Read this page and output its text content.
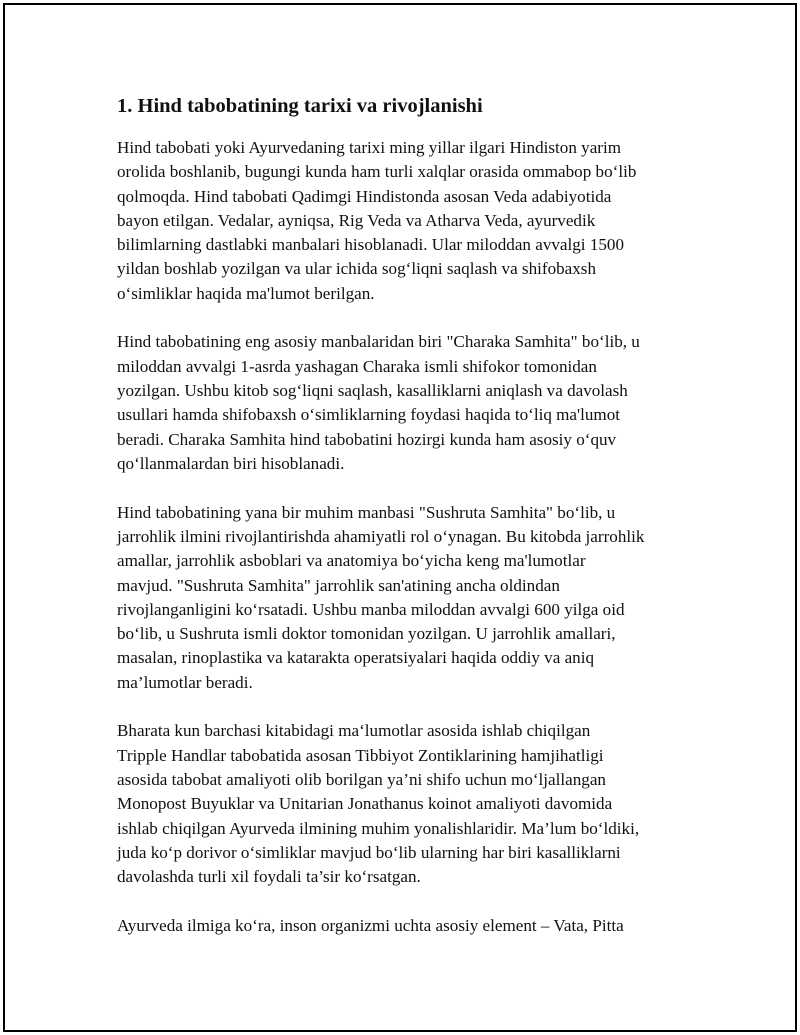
1. Hind tabobatining tarixi va rivojlanishi

Hind tabobati yoki Ayurvedaning tarixi ming yillar ilgari Hindiston yarim
orolida boshlanib, bugungi kunda ham turli xalqlar orasida ommabop bo‘lib
qolmoqda. Hind tabobati Qadimgi Hindistonda asosan Veda adabiyotida
bayon etilgan. Vedalar, ayniqsa, Rig Veda va Atharva Veda, ayurvedik
bilimlarning dastlabki manbalari hisoblanadi. Ular miloddan avvalgi 1500
yildan boshlab yozilgan va ular ichida sog‘liqni saqlash va shifobaxsh
o‘simliklar haqida ma'lumot berilgan.

Hind tabobatining eng asosiy manbalaridan biri "Charaka Samhita" bo‘lib, u
miloddan avvalgi 1-asrda yashagan Charaka ismli shifokor tomonidan
yozilgan. Ushbu kitob sog‘liqni saqlash, kasalliklarni aniqlash va davolash
usullari hamda shifobaxsh o‘simliklarning foydasi haqida to‘liq ma'lumot
beradi. Charaka Samhita hind tabobatini hozirgi kunda ham asosiy o‘quv
qo‘llanmalardan biri hisoblanadi.

Hind tabobatining yana bir muhim manbasi "Sushruta Samhita" bo‘lib, u
jarrohlik ilmini rivojlantirishda ahamiyatli rol o‘ynagan. Bu kitobda jarrohlik
amallar, jarrohlik asboblari va anatomiya bo‘yicha keng ma'lumotlar
mavjud. "Sushruta Samhita" jarrohlik san'atining ancha oldindan
rivojlanganligini ko‘rsatadi. Ushbu manba miloddan avvalgi 600 yilga oid
bo‘lib, u Sushruta ismli doktor tomonidan yozilgan. U jarrohlik amallari,
masalan, rinoplastika va katarakta operatsiyalari haqida oddiy va aniq
ma’lumotlar beradi.

Bharata kun barchasi kitabidagi ma‘lumotlar asosida ishlab chiqilgan
Tripple Handlar tabobatida asosan Tibbiyot Zontiklarining hamjihatligi
asosida tabobat amaliyoti olib borilgan ya’ni shifo uchun mo‘ljallangan
Monopost Buyuklar va Unitarian Jonathanus koinot amaliyoti davomida
ishlab chiqilgan Ayurveda ilmining muhim yonalishlaridir. Ma’lum bo‘ldiki,
juda ko‘p dorivor o‘simliklar mavjud bo‘lib ularning har biri kasalliklarni
davolashda turli xil foydali ta’sir ko‘rsatgan.

Ayurveda ilmiga ko‘ra, inson organizmi uchta asosiy element – Vata, Pitta
